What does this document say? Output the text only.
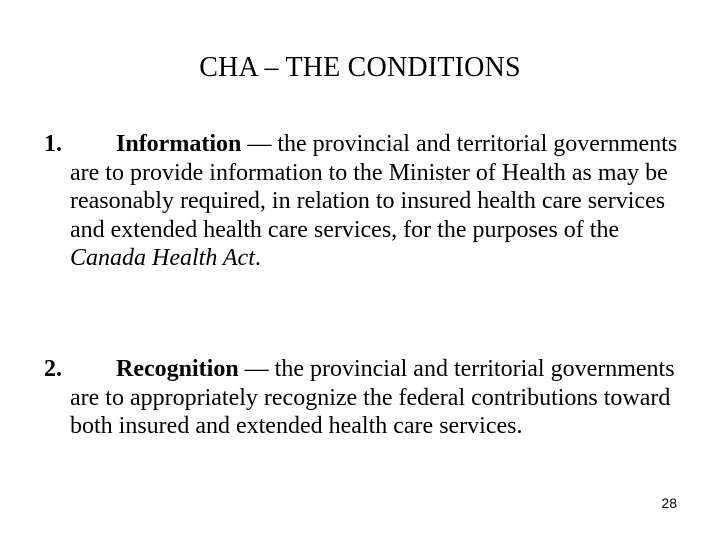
CHA – THE CONDITIONS
1.	Information — the provincial and territorial governments are to provide information to the Minister of Health as may be reasonably required, in relation to insured health care services and extended health care services, for the purposes of the Canada Health Act.

2.	Recognition — the provincial and territorial governments are to appropriately recognize the federal contributions toward both insured and extended health care services.

28
